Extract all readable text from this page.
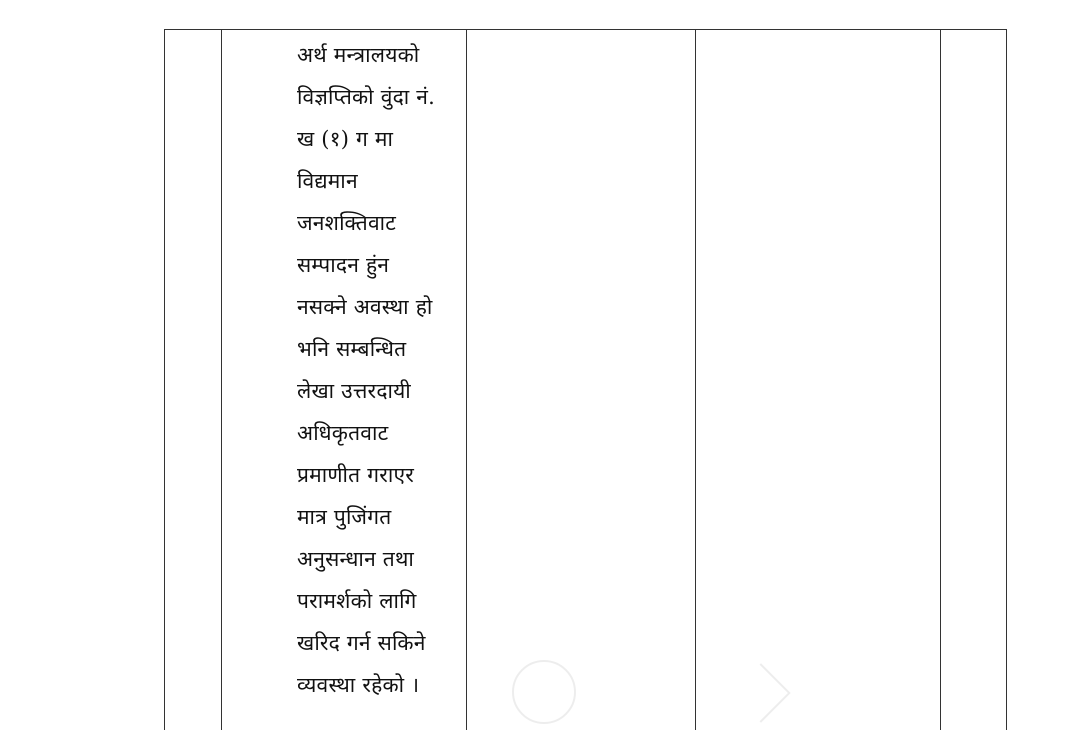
अर्थ मन्त्रालयको
विज्ञप्तिको वुंदा नं.
ख (१) ग मा
विद्यमान
जनशक्तिवाट
सम्पादन हुंन
नसक्ने अवस्था हो
भनि सम्बन्धित
लेखा उत्तरदायी
अधिकृतवाट
प्रमाणीत गराएर
मात्र पुजिंगत
अनुसन्धान तथा
परामर्शको लागि
खरिद गर्न सकिने
व्यवस्था रहेको ।
